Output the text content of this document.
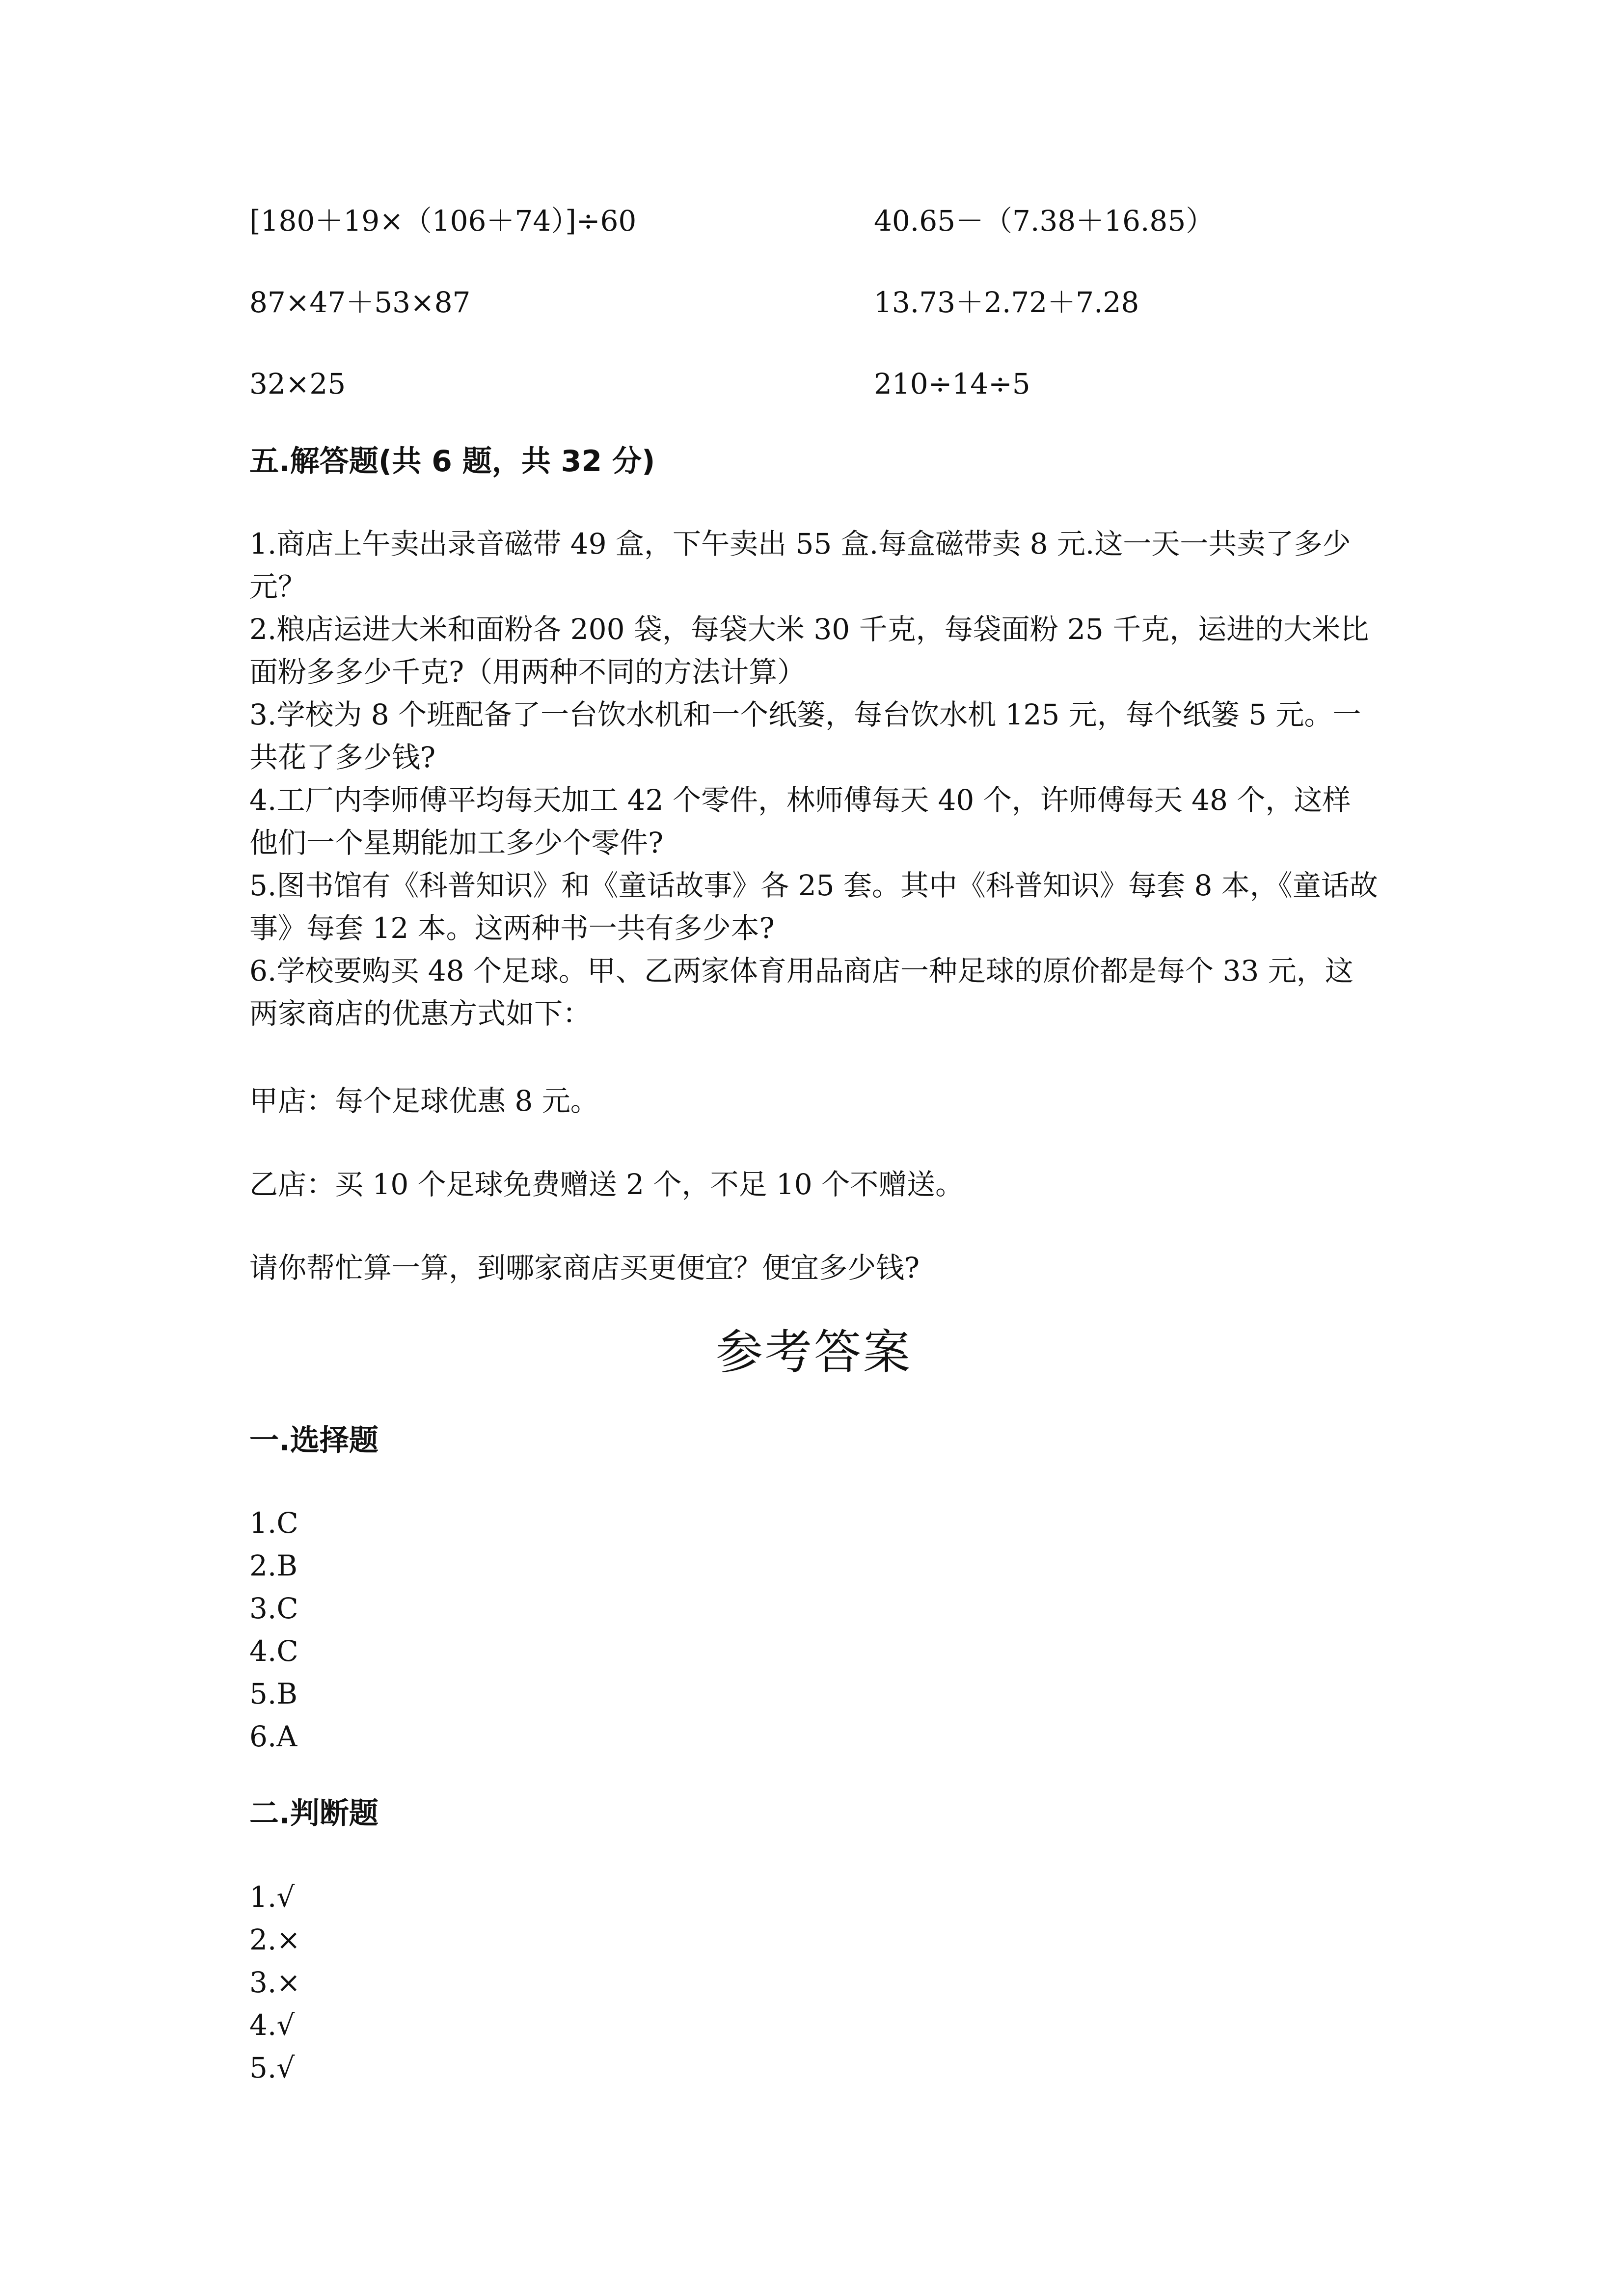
[180＋19×（106＋74）]÷60	40.65－（7.38＋16.85）
87×47＋53×87	13.73＋2.72＋7.28
32×25	210÷14÷5
五.解答题(共 6 题，共 32 分)

1.商店上午卖出录音磁带 49 盒，下午卖出 55 盒.每盒磁带卖 8 元.这一天一共卖了多少元？

2.粮店运进大米和面粉各 200 袋，每袋大米 30 千克，每袋面粉 25 千克，运进的大米比面粉多多少千克?（用两种不同的方法计算）

3.学校为 8 个班配备了一台饮水机和一个纸篓，每台饮水机 125 元，每个纸篓 5 元。一共花了多少钱?

4.工厂内李师傅平均每天加工 42 个零件，林师傅每天 40 个，许师傅每天 48 个，这样他们一个星期能加工多少个零件?

5.图书馆有《科普知识》和《童话故事》各 25 套。其中《科普知识》每套 8 本，《童话故事》每套 12 本。这两种书一共有多少本?

6.学校要购买 48 个足球。甲、乙两家体育用品商店一种足球的原价都是每个 33 元，这两家商店的优惠方式如下：

甲店：每个足球优惠 8 元。
乙店：买 10 个足球免费赠送 2 个，不足 10 个不赠送。
请你帮忙算一算，到哪家商店买更便宜？便宜多少钱?
参考答案
一.选择题
1.C
2.B
3.C
4.C
5.B
6.A
二.判断题
1.√
2.×
3.×
4.√
5.√
